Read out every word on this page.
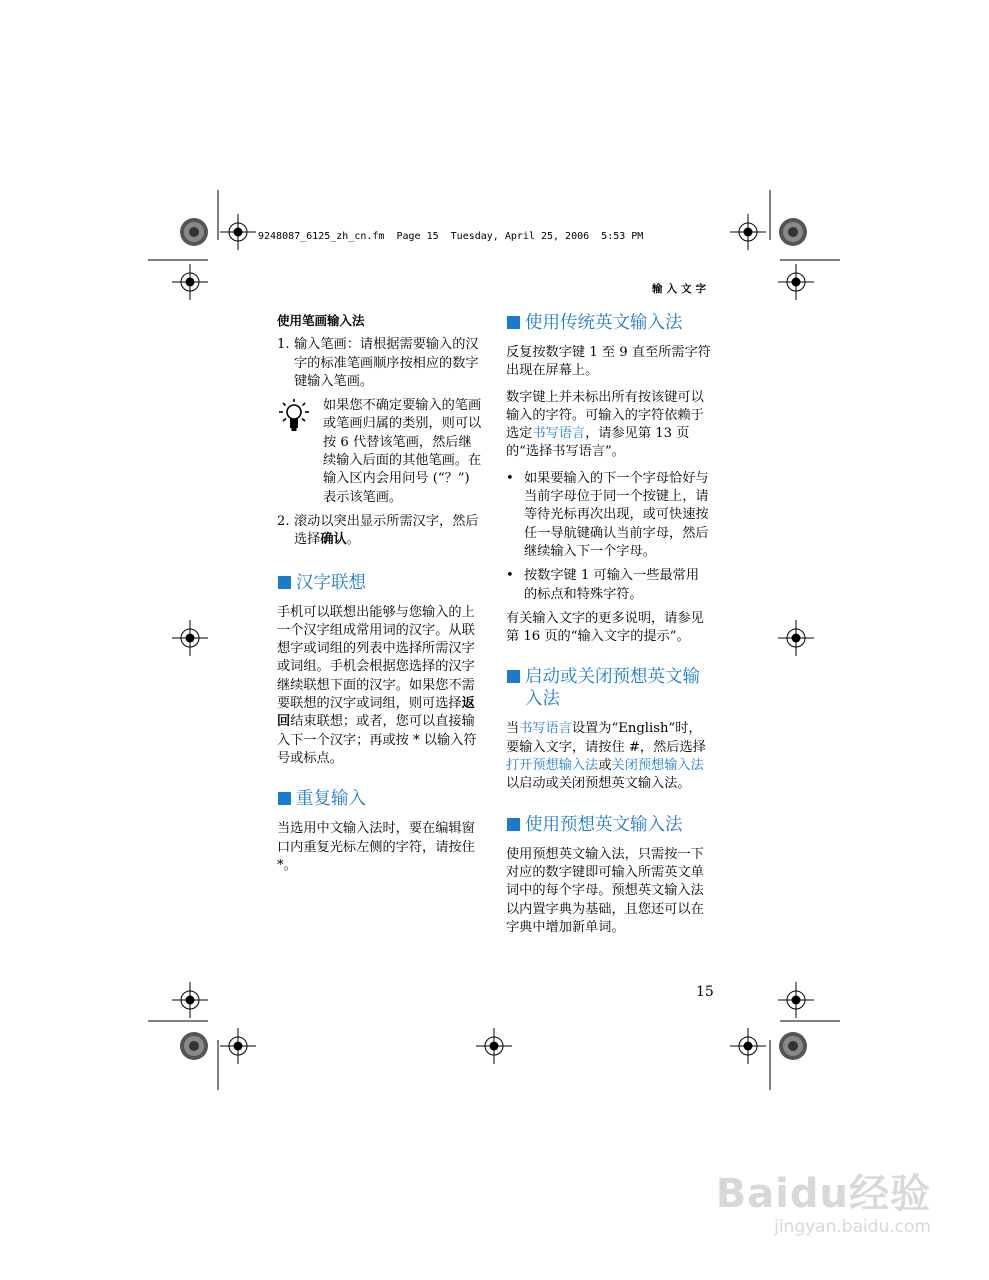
9248087_6125_zh_cn.fm  Page 15  Tuesday, April 25, 2006  5:53 PM
输入文字
使用笔画输入法
1. 输入笔画：请根据需要输入的汉字的标准笔画顺序按相应的数字键输入笔画。
如果您不确定要输入的笔画或笔画归属的类别，则可以按 6 代替该笔画，然后继续输入后面的其他笔画。在输入区内会用问号 (“？”) 表示该笔画。
2. 滚动以突出显示所需汉字，然后选择确认。
汉字联想

手机可以联想出能够与您输入的上一个汉字组成常用词的汉字。从联想字或词组的列表中选择所需汉字或词组。手机会根据您选择的汉字继续联想下面的汉字。如果您不需要联想的汉字或词组，则可选择返回结束联想；或者，您可以直接输入下一个汉字；再或按 * 以输入符号或标点。

重复输入

当选用中文输入法时，要在编辑窗口内重复光标左侧的字符，请按住 *。

使用传统英文输入法

反复按数字键 1 至 9 直至所需字符出现在屏幕上。

数字键上并未标出所有按该键可以输入的字符。可输入的字符依赖于选定书写语言，请参见第 13 页的“选择书写语言”。

• 如果要输入的下一个字母恰好与当前字母位于同一个按键上，请等待光标再次出现，或可快速按任一导航键确认当前字母，然后继续输入下一个字母。
• 按数字键 1 可输入一些最常用的标点和特殊字符。

有关输入文字的更多说明，请参见第 16 页的“输入文字的提示”。

启动或关闭预想英文输入法

当书写语言设置为“English”时，要输入文字，请按住 #，然后选择打开预想输入法或关闭预想输入法以启动或关闭预想英文输入法。

使用预想英文输入法

使用预想英文输入法，只需按一下对应的数字键即可输入所需英文单词中的每个字母。预想英文输入法以内置字典为基础，且您还可以在字典中增加新单词。

15
Baidu经验
jingyan.baidu.com
